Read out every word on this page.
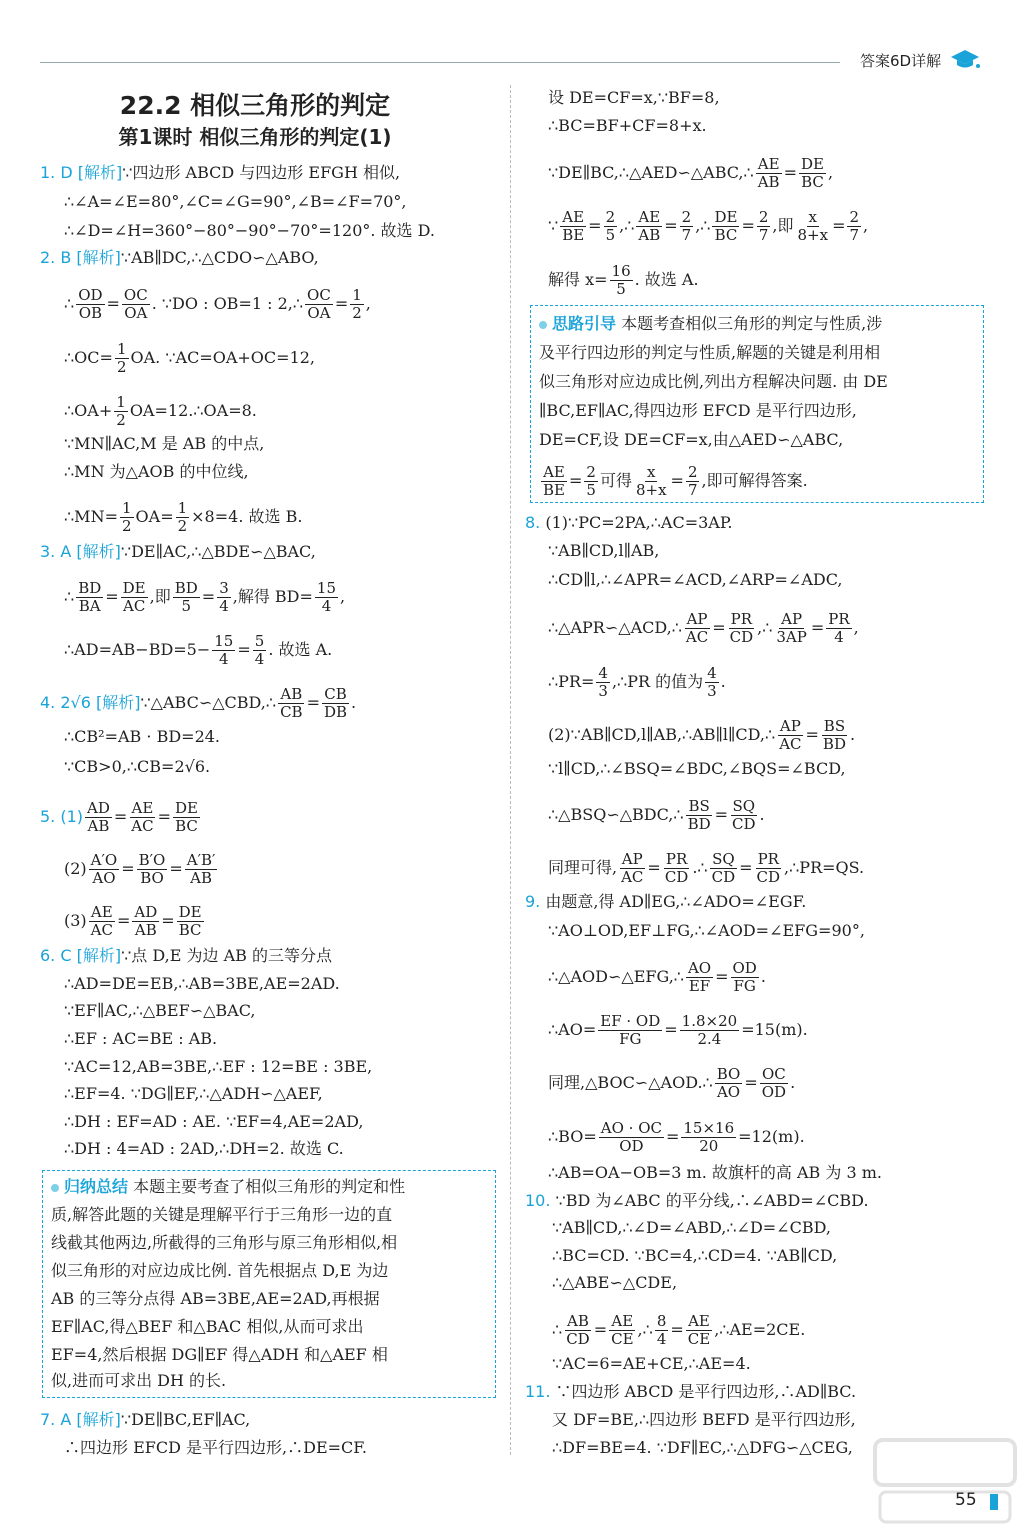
答案6D详解
22.2 相似三角形的判定
第1课时 相似三角形的判定(1)
1. D [解析]∵四边形 ABCD 与四边形 EFGH 相似,
∴∠A=∠E=80°,∠C=∠G=90°,∠B=∠F=70°,
∴∠D=∠H=360°−80°−90°−70°=120°. 故选 D.
2. B [解析]∵AB∥DC,∴△CDO∽△ABO,
∴ $\frac{OD}{OB} = \frac{OC}{OA}$ . ∵DO : OB=1 : 2,∴ $\frac{OC}{OA} = \frac{1}{2}$ ,
∴OC= $\frac{1}{2}$ OA. ∵AC=OA+OC=12,
∴OA+ $\frac{1}{2}$ OA=12.∴OA=8.
∵MN∥AC,M 是 AB 的中点,
∴MN 为△AOB 的中位线,
∴MN= $\frac{1}{2} OA= \frac{1}{2} \times 8=4$. 故选 B.
3. A [解析]∵DE∥AC,∴△BDE∽△BAC,
∴ $\frac{BD}{BA} = \frac{DE}{AC}$ ,即 $\frac{BD}{5} = \frac{3}{4}$ ,解得 $BD= \frac{15}{4}$ ,
∴AD=AB−BD=5− $\frac{15}{4} = \frac{5}{4}$ . 故选 A.
4. 2√6 [解析]∵△ABC∽△CBD,∴ $\frac{AB}{CB} = \frac{CB}{DB}$ .
∴CB²=AB · BD=24.
∵CB>0,∴CB=2√6.
5. $(1) \frac{AD}{AB} = \frac{AE}{AC} = \frac{DE}{BC}$
$(2) \frac{A'O}{AO} = \frac{B'O}{BO} = \frac{A'B'}{AB}$
$(3) \frac{AE}{AC} = \frac{AD}{AB} = \frac{DE}{BC}$
6. C [解析]∵点 D,E 为边 AB 的三等分点
∴AD=DE=EB,∴AB=3BE,AE=2AD.
∵EF∥AC,∴△BEF∽△BAC,
∴EF : AC=BE : AB.
∵AC=12,AB=3BE,∴EF : 12=BE : 3BE,
∴EF=4. ∵DG∥EF,∴△ADH∽△AEF,
∴DH : EF=AD : AE. ∵EF=4,AE=2AD,
∴DH : 4=AD : 2AD,∴DH=2. 故选 C.
归纳总结 本题主要考查了相似三角形的判定和性
质,解答此题的关键是理解平行于三角形一边的直
线截其他两边,所截得的三角形与原三角形相似,相
似三角形的对应边成比例. 首先根据点 D,E 为边
AB 的三等分点得 AB=3BE,AE=2AD,再根据
EF∥AC,得△BEF 和△BAC 相似,从而可求出
EF=4,然后根据 DG∥EF 得△ADH 和△AEF 相
似,进而可求出 DH 的长.
7. A [解析]∵DE∥BC,EF∥AC,
∴四边形 EFCD 是平行四边形,∴DE=CF.
设 DE=CF=x,∵BF=8,
∴BC=BF+CF=8+x.
∵DE∥BC,∴△AED∽△ABC,∴ $\frac{AE}{AB} = \frac{DE}{BC}$ ,
∵ $\frac{AE}{BE} = \frac{2}{5}$ ,∴ $\frac{AE}{AB} = \frac{2}{7}$ ,∴ $\frac{DE}{BC} = \frac{2}{7}$ ,即 $\frac{x}{8+x} = \frac{2}{7}$ ,
解得 $x= \frac{16}{5}$ . 故选 A.
思路引导 本题考查相似三角形的判定与性质,涉
及平行四边形的判定与性质,解题的关键是利用相
似三角形对应边成比例,列出方程解决问题. 由 DE
∥BC,EF∥AC,得四边形 EFCD 是平行四边形,
DE=CF,设 DE=CF=x,由△AED∽△ABC,
$\frac{AE}{BE} = \frac{2}{5}$ 可得 $\frac{x}{8+x} = \frac{2}{7}$ ,即可解得答案.
8. (1)∵PC=2PA,∴AC=3AP.
∵AB∥CD,l∥AB,
∴CD∥l,∴∠APR=∠ACD,∠ARP=∠ADC,
∴△APR∽△ACD,∴ $\frac{AP}{AC} = \frac{PR}{CD}$ ,∴ $\frac{AP}{3AP} = \frac{PR}{4}$ ,
∴PR= $\frac{4}{3}$ ,∴PR 的值为 $\frac{4}{3}$ .
(2)∵AB∥CD,l∥AB,∴AB∥l∥CD,∴ $\frac{AP}{AC} = \frac{BS}{BD}$ .
∵l∥CD,∴∠BSQ=∠BDC,∠BQS=∠BCD,
∴△BSQ∽△BDC,∴ $\frac{BS}{BD} = \frac{SQ}{CD}$ .
同理可得, $\frac{AP}{AC} = \frac{PR}{CD}$ .∴ $\frac{SQ}{CD} = \frac{PR}{CD}$ ,∴PR=QS.
9. 由题意,得 AD∥EG,∴∠ADO=∠EGF.
∵AO⊥OD,EF⊥FG,∴∠AOD=∠EFG=90°,
∴△AOD∽△EFG,∴ $\frac{AO}{EF} = \frac{OD}{FG}$ .
∴AO= $\frac{EF \cdot OD}{FG} = \frac{1.8\times 20}{2.4} =15(m)$.
同理,△BOC∽△AOD.∴ $\frac{BO}{AO} = \frac{OC}{OD}$ .
∴BO= $\frac{AO \cdot OC}{OD} = \frac{15\times 16}{20} =12(m)$.
∴AB=OA−OB=3 m. 故旗杆的高 AB 为 3 m.
10. ∵BD 为∠ABC 的平分线,∴∠ABD=∠CBD.
∵AB∥CD,∴∠D=∠ABD,∴∠D=∠CBD,
∴BC=CD. ∵BC=4,∴CD=4. ∵AB∥CD,
∴△ABE∽△CDE,
∴ $\frac{AB}{CD} = \frac{AE}{CE}$ ,∴ $\frac{8}{4} = \frac{AE}{CE}$ ,∴AE=2CE.
∵AC=6=AE+CE,∴AE=4.
11. ∵四边形 ABCD 是平行四边形,∴AD∥BC.
又 DF=BE,∴四边形 BEFD 是平行四边形,
∴DF=BE=4. ∵DF∥EC,∴△DFG∽△CEG,
55
